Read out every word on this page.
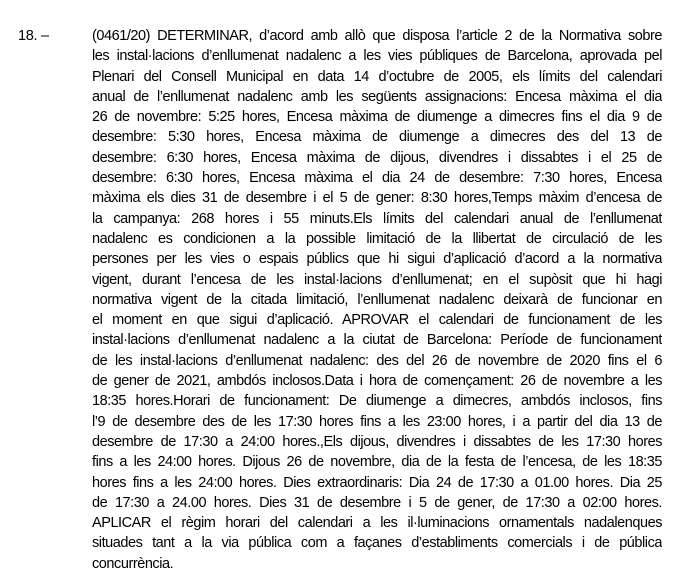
18. –	(0461/20) DETERMINAR, d’acord amb allò que disposa l’article 2 de la Normativa sobre
les instal·lacions d’enllumenat nadalenc a les vies públiques de Barcelona, aprovada pel
Plenari del Consell Municipal en data 14 d’octubre de 2005, els límits del calendari
anual de l’enllumenat nadalenc amb les següents assignacions: Encesa màxima el dia
26 de novembre: 5:25 hores, Encesa màxima de diumenge a dimecres fins el dia 9 de
desembre: 5:30 hores, Encesa màxima de diumenge a dimecres des del 13 de
desembre: 6:30 hores, Encesa màxima de dijous, divendres i dissabtes i el 25 de
desembre: 6:30 hores, Encesa màxima el dia 24 de desembre: 7:30 hores, Encesa
màxima els dies 31 de desembre i el 5 de gener: 8:30 hores,Temps màxim d’encesa de
la campanya: 268 hores i 55 minuts.Els límits del calendari anual de l’enllumenat
nadalenc es condicionen a la possible limitació de la llibertat de circulació de les
persones per les vies o espais públics que hi sigui d’aplicació d’acord a la normativa
vigent, durant l’encesa de les instal·lacions d’enllumenat; en el supòsit que hi hagi
normativa vigent de la citada limitació, l’enllumenat nadalenc deixarà de funcionar en
el moment en que sigui d’aplicació. APROVAR el calendari de funcionament de les
instal·lacions d’enllumenat nadalenc a la ciutat de Barcelona: Període de funcionament
de les instal·lacions d’enllumenat nadalenc: des del 26 de novembre de 2020 fins el 6
de gener de 2021, ambdós inclosos.Data i hora de començament: 26 de novembre a les
18:35 hores.Horari de funcionament: De diumenge a dimecres, ambdós inclosos, fins
l’9 de desembre des de les 17:30 hores fins a les 23:00 hores, i a partir del dia 13 de
desembre de 17:30 a 24:00 hores.,Els dijous, divendres i dissabtes de les 17:30 hores
fins a les 24:00 hores. Dijous 26 de novembre, dia de la festa de l’encesa, de les 18:35
hores fins a les 24:00 hores. Dies extraordinaris: Dia 24 de 17:30 a 01.00 hores. Dia 25
de 17:30 a 24.00 hores. Dies 31 de desembre i 5 de gener, de 17:30 a 02:00 hores.
APLICAR el règim horari del calendari a les il·luminacions ornamentals nadalenques
situades tant a la via pública com a façanes d’establiments comercials i de pública
concurrència.
